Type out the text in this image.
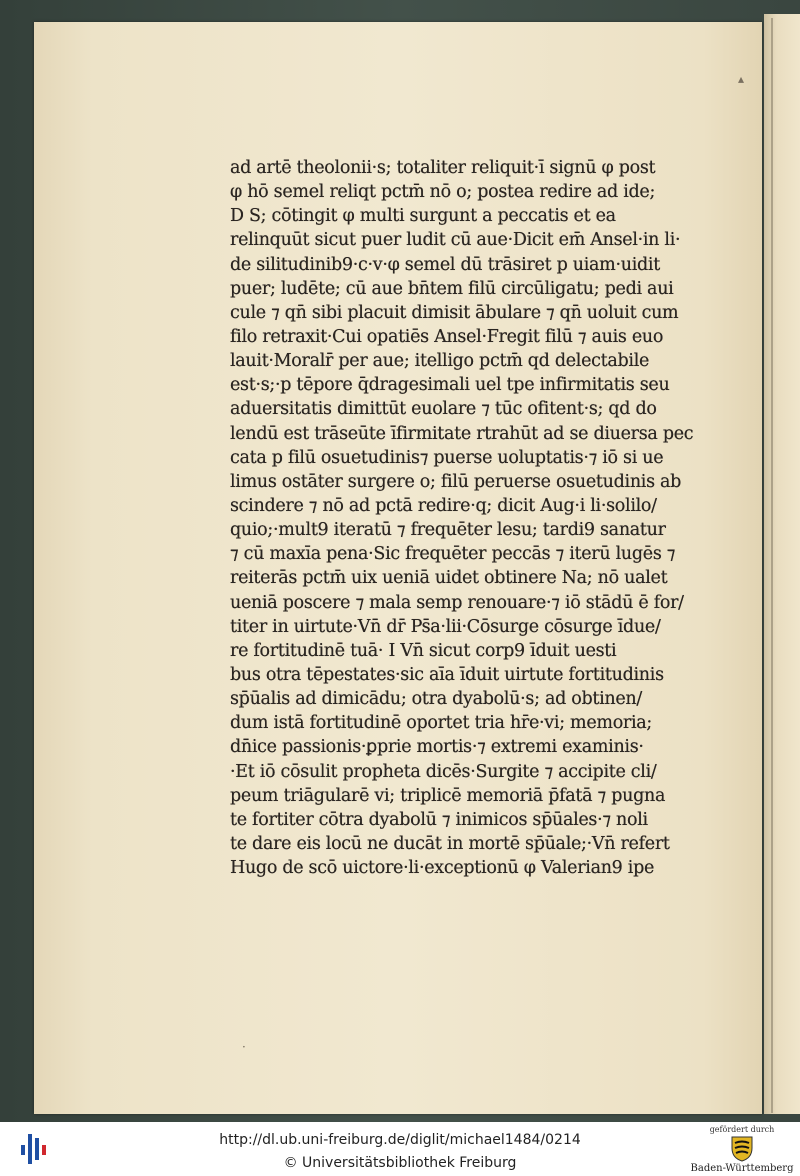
▴
·
ad artē theolonii·s; totaliter reliquit·ī signū φ post
φ hō semel reliqt pctm̄ nō o; postea redire ad ide;
D S; cōtingit φ multi surgunt a peccatis et ea
relinquūt sicut puer ludit cū aue·Dicit em̄ Ansel·in li·
de silitudinib9·c·v·φ semel dū trāsiret p uiam·uidit
puer; ludēte; cū aue bn̄tem filū circūligatu; pedi aui
cule ⁊ qn̄ sibi placuit dimisit ābulare ⁊ qn̄ uoluit cum
filo retraxit·Cui opatiēs Ansel·Fregit filū ⁊ auis euo
lauit·Moralr̄ per aue; itelligo pctm̄ qd delectabile
est·s;·p tēpore q̄dragesimali uel tpe infirmitatis seu
aduersitatis dimittūt euolare ⁊ tūc ofitent·s; qd do
lendū est trāseūte īfirmitate rtrahūt ad se diuersa pec
cata p filū osuetudinis⁊ puerse uoluptatis·⁊ iō si ue
limus ostāter surgere o; filū peruerse osuetudinis ab
scindere ⁊ nō ad pctā redire·q; dicit Aug·i li·solilo/
quio;·mult9 iteratū ⁊ frequēter lesu; tardi9 sanatur
⁊ cū maxīa pena·Sic frequēter peccās ⁊ iterū lugēs ⁊
reiterās pctm̄ uix ueniā uidet obtinere Na; nō ualet
ueniā poscere ⁊ mala semp renouare·⁊ iō stādū ē for/
titer in uirtute·Vn̄ dr̄ Ps̄a·lii·Cōsurge cōsurge īdue/
re fortitudinē tuā· I Vn̄ sicut corp9 īduit uesti
bus otra tēpestates·sic aīa īduit uirtute fortitudinis
sp̄ūalis ad dimicādu; otra dyabolū·s; ad obtinen/
dum istā fortitudinē oportet tria hr̄e·vi; memoria;
dn̄ice passionis·ꝑprie mortis·⁊ extremi examinis·
·Et iō cōsulit propheta dicēs·Surgite ⁊ accipite cli/
peum triāgularē vi; triplicē memoriā p̄fatā ⁊ pugna
te fortiter cōtra dyabolū ⁊ inimicos sp̄ūales·⁊ noli
te dare eis locū ne ducāt in mortē sp̄ūale;·Vn̄ refert
Hugo de scō uictore·li·exceptionū φ Valerian9 ipe
http://dl.ub.uni-freiburg.de/diglit/michael1484/0214
© Universitätsbibliothek Freiburg
gefördert durch
Baden-Württemberg
